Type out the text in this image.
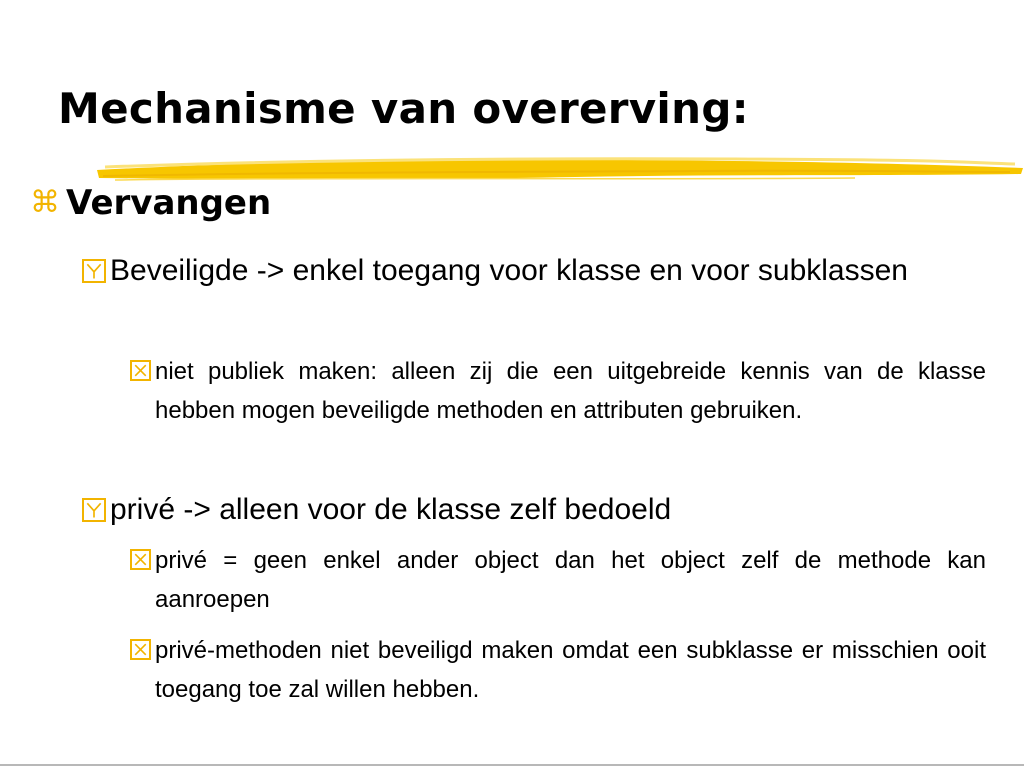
Mechanisme van overerving:
⌘ Vervangen
Beveiligde -> enkel toegang voor klasse en voor subklassen
niet publiek maken: alleen zij die een uitgebreide kennis van de klasse hebben mogen beveiligde methoden en attributen gebruiken.
privé -> alleen voor de klasse zelf bedoeld
privé = geen enkel ander object dan het object zelf de methode kan aanroepen
privé-methoden niet beveiligd maken omdat een subklasse er misschien ooit toegang toe zal willen hebben.
